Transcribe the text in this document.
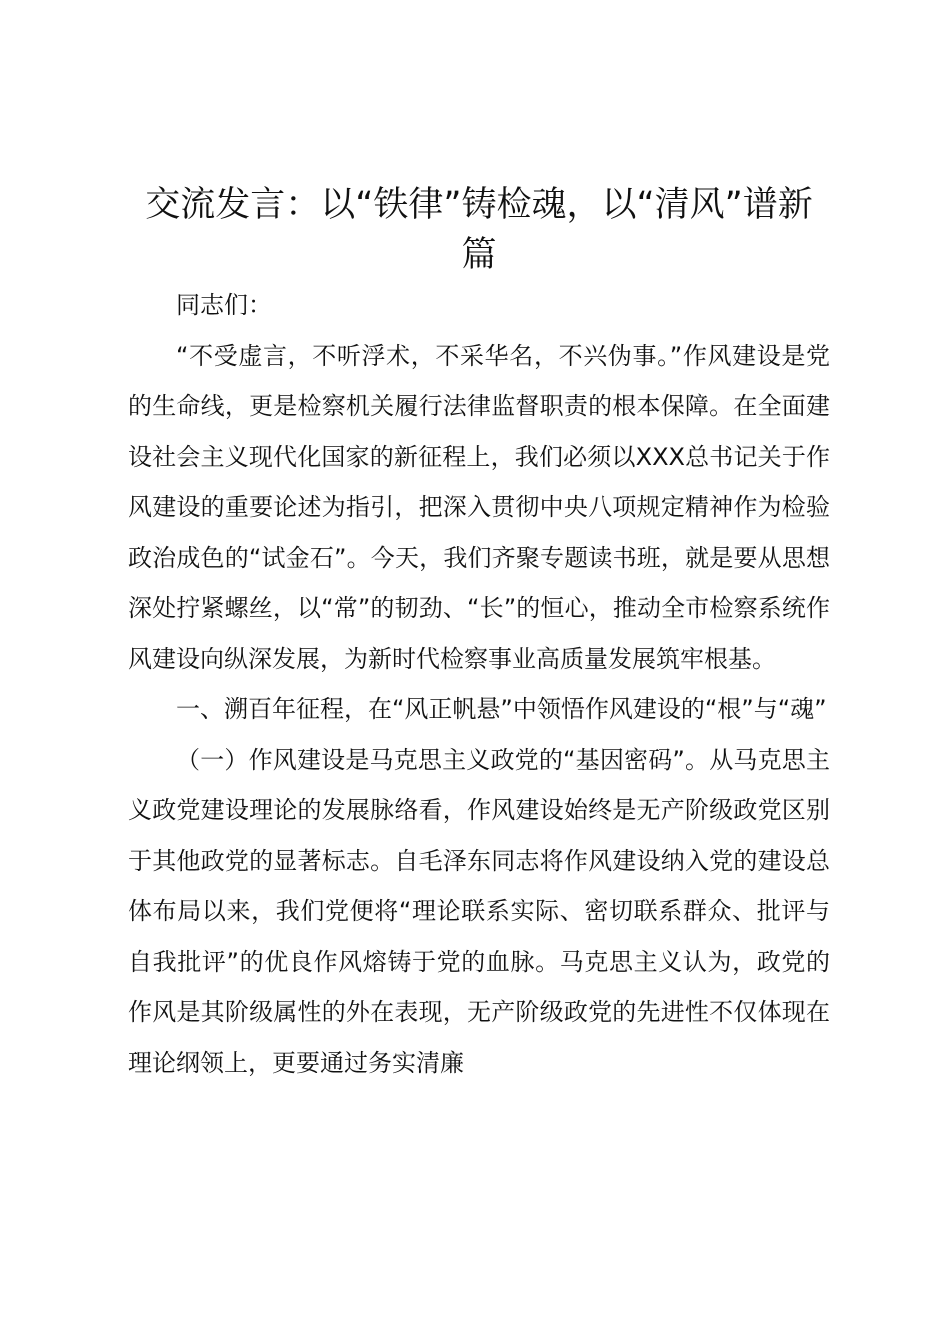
交流发言：以“铁律”铸检魂，以“清风”谱新篇

同志们：

“不受虚言，不听浮术，不采华名，不兴伪事。”作风建设是党的生命线，更是检察机关履行法律监督职责的根本保障。在全面建设社会主义现代化国家的新征程上，我们必须以XXX总书记关于作风建设的重要论述为指引，把深入贯彻中央八项规定精神作为检验政治成色的“试金石”。今天，我们齐聚专题读书班，就是要从思想深处拧紧螺丝，以“常”的韧劲、“长”的恒心，推动全市检察系统作风建设向纵深发展，为新时代检察事业高质量发展筑牢根基。

一、溯百年征程，在“风正帆悬”中领悟作风建设的“根”与“魂”

（一）作风建设是马克思主义政党的“基因密码”。从马克思主义政党建设理论的发展脉络看，作风建设始终是无产阶级政党区别于其他政党的显著标志。自毛泽东同志将作风建设纳入党的建设总体布局以来，我们党便将“理论联系实际、密切联系群众、批评与自我批评”的优良作风熔铸于党的血脉。马克思主义认为，政党的作风是其阶级属性的外在表现，无产阶级政党的先进性不仅体现在理论纲领上，更要通过务实清廉
